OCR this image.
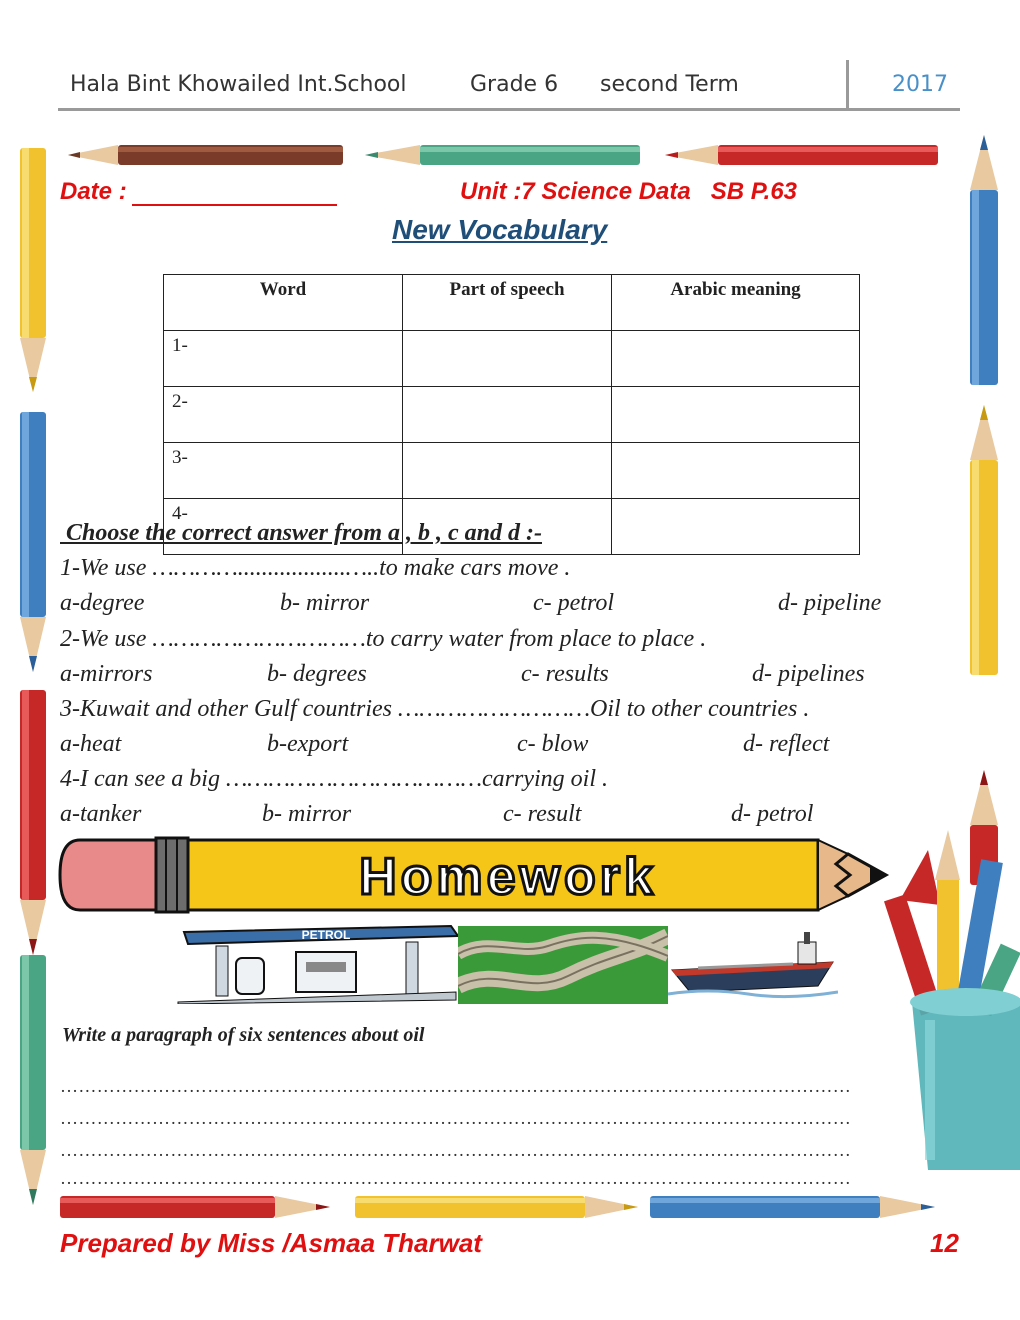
Hala Bint Khowailed Int.School	Grade 6 second Term	2017
Date :	Unit :7 Science Data   SB P.63
New Vocabulary
Word	Part of speech	Arabic meaning
1-		
2-		
3-		
4-		
Choose the correct answer from a , b , c and d :-
1-We use …………..................…..to make cars move .
a-degree	b- mirror	c- petrol	d- pipeline
2-We use …………………………to carry water from place to place .
a-mirrors	b- degrees	c- results	d- pipelines
3-Kuwait and other Gulf countries ………………………Oil to other countries .
a-heat	b-export	c- blow	d- reflect
4-I can see a big ………………………………carrying oil .
a-tanker	b- mirror	c- result	d- petrol
Homework
PETROL
Write a paragraph of six sentences about oil
…………………………………………………………………………………………………………………
…………………………………………………………………………………………………………………
…………………………………………………………………………………………………………………
…………………………………………………………………………………………………………………
Prepared by Miss /Asmaa Tharwat	12
